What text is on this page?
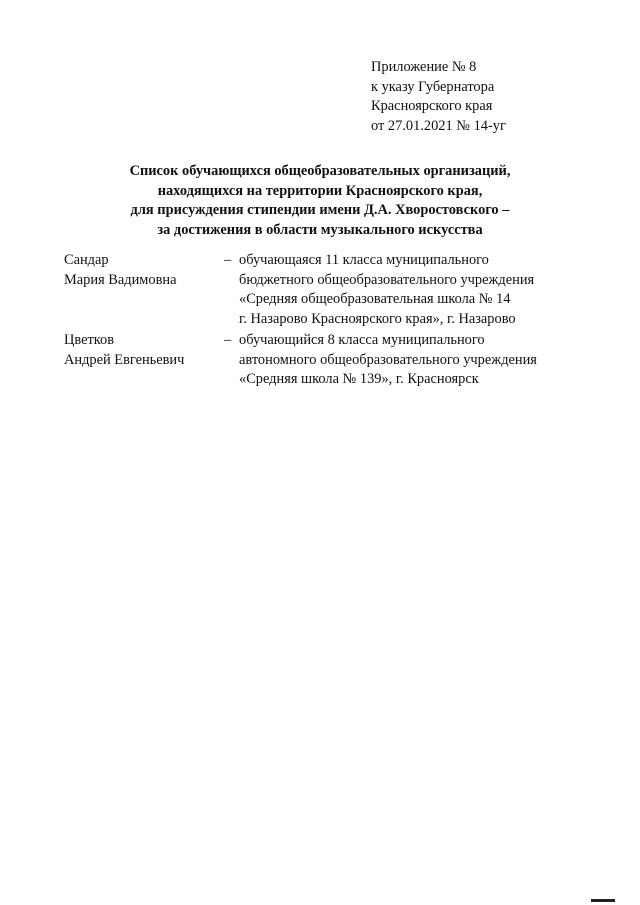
Приложение № 8
к указу Губернатора
Красноярского края
от 27.01.2021 № 14-уг
Список обучающихся общеобразовательных организаций,
находящихся на территории Красноярского края,
для присуждения стипендии имени Д.А. Хворостовского –
за достижения в области музыкального искусства
Сандар
Мария Вадимовна
– обучающаяся 11 класса муниципального
бюджетного общеобразовательного учреждения
«Средняя общеобразовательная школа № 14
г. Назарово Красноярского края», г. Назарово
Цветков
Андрей Евгеньевич
– обучающийся 8 класса муниципального
автономного общеобразовательного учреждения
«Средняя школа № 139», г. Красноярск
